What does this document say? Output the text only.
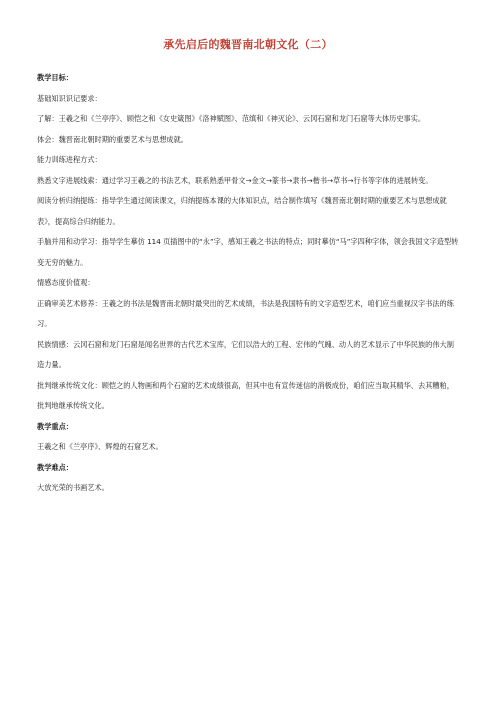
承先启后的魏晋南北朝文化（二）

教学目标：

基础知识识记要求：

了解：王羲之和《兰亭序》、顾恺之和《女史箴图》《洛神赋图》、范缜和《神灭论》、云冈石窟和龙门石窟等大体历史事实。

体会：魏晋南北朝时期的重要艺术与思想成就。

能力训练进程方式：

熟悉文字进展线索：通过学习王羲之的书法艺术，联系熟悉甲骨文→金文→篆书→隶书→楷书→草书→行书等字体的进展转变。

阅读分析归纳提练：指导学生通过阅读课文，归纳提练本课的大体知识点，结合制作填写《魏晋南北朝时期的重要艺术与思想成就表》，提高综合归纳能力。

手脑并用和动学习：指导学生摹仿 114 页插图中的“永”字，感知王羲之书法的特点；同时摹仿“马”字四种字体，领会我国文字造型转变无穷的魅力。

情感态度价值观：

正确审美艺术修养：王羲之的书法是魏晋南北朝时最突出的艺术成绩，书法是我国特有的文字造型艺术，咱们应当重视汉字书法的练习。

民族情感：云冈石窟和龙门石窟是闻名世界的古代艺术宝库，它们以浩大的工程、宏伟的气魄、动人的艺术显示了中华民族的伟大制造力量。

批判继承传统文化：顾恺之的人物画和两个石窟的艺术成绩很高，但其中也有宣传迷信的消极成份，咱们应当取其精华、去其糟粕，批判地继承传统文化。

教学重点：

王羲之和《兰亭序》、辉煌的石窟艺术。

教学难点：

大放光荣的书画艺术。
